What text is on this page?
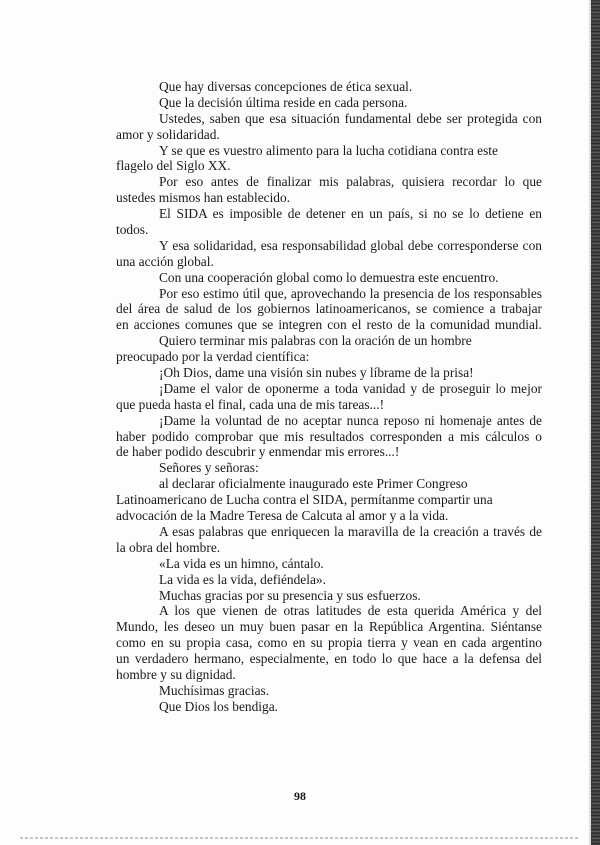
Que hay diversas concepciones de ética sexual.
Que la decisión última reside en cada persona.
Ustedes, saben que esa situación fundamental debe ser protegida con
amor y solidaridad.
Y se que es vuestro alimento para la lucha cotidiana contra este
flagelo del Siglo XX.
Por eso antes de finalizar mis palabras, quisiera recordar lo que
ustedes mismos han establecido.
El SIDA es imposible de detener en un país, si no se lo detiene en
todos.
Y esa solidaridad, esa responsabilidad global debe corresponderse con
una acción global.
Con una cooperación global como lo demuestra este encuentro.
Por eso estimo útil que, aprovechando la presencia de los responsables
del área de salud de los gobiernos latinoamericanos, se comience a trabajar
en acciones comunes que se integren con el resto de la comunidad mundial.
Quiero terminar mis palabras con la oración de un hombre
preocupado por la verdad científica:
¡Oh Dios, dame una visión sin nubes y líbrame de la prisa!
¡Dame el valor de oponerme a toda vanidad y de proseguir lo mejor
que pueda hasta el final, cada una de mis tareas...!
¡Dame la voluntad de no aceptar nunca reposo ni homenaje antes de
haber podido comprobar que mis resultados corresponden a mis cálculos o
de haber podido descubrir y enmendar mis errores...!
Señores y señoras:
al declarar oficialmente inaugurado este Primer Congreso
Latinoamericano de Lucha contra el SIDA, permítanme compartir una
advocación de la Madre Teresa de Calcuta al amor y a la vida.
A esas palabras que enriquecen la maravilla de la creación a través de
la obra del hombre.
«La vida es un himno, cántalo.
La vida es la vida, defiéndela».
Muchas gracias por su presencia y sus esfuerzos.
A los que vienen de otras latitudes de esta querida América y del
Mundo, les deseo un muy buen pasar en la República Argentina. Siéntanse
como en su propia casa, como en su propia tierra y vean en cada argentino
un verdadero hermano, especialmente, en todo lo que hace a la defensa del
hombre y su dignidad.
Muchísimas gracias.
Que Dios los bendiga.
98
